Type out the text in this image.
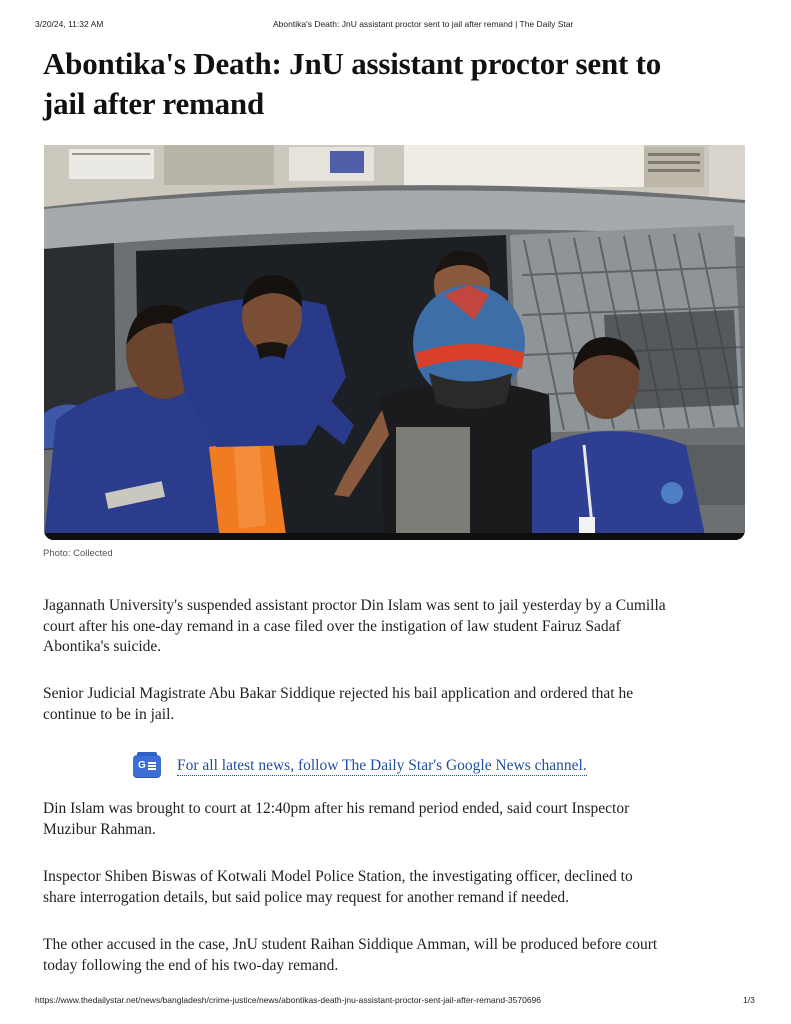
3/20/24, 11:32 AM	Abontika's Death: JnU assistant proctor sent to jail after remand | The Daily Star
Abontika's Death: JnU assistant proctor sent to
jail after remand
Photo: Collected
Jagannath University's suspended assistant proctor Din Islam was sent to jail yesterday by a Cumilla
court after his one-day remand in a case filed over the instigation of law student Fairuz Sadaf
Abontika's suicide.
Senior Judicial Magistrate Abu Bakar Siddique rejected his bail application and ordered that he
continue to be in jail.
G For all latest news, follow The Daily Star's Google News channel.
Din Islam was brought to court at 12:40pm after his remand period ended, said court Inspector
Muzibur Rahman.
Inspector Shiben Biswas of Kotwali Model Police Station, the investigating officer, declined to
share interrogation details, but said police may request for another remand if needed.
The other accused in the case, JnU student Raihan Siddique Amman, will be produced before court
today following the end of his two-day remand.
https://www.thedailystar.net/news/bangladesh/crime-justice/news/abontikas-death-jnu-assistant-proctor-sent-jail-after-remand-3570696	1/3
